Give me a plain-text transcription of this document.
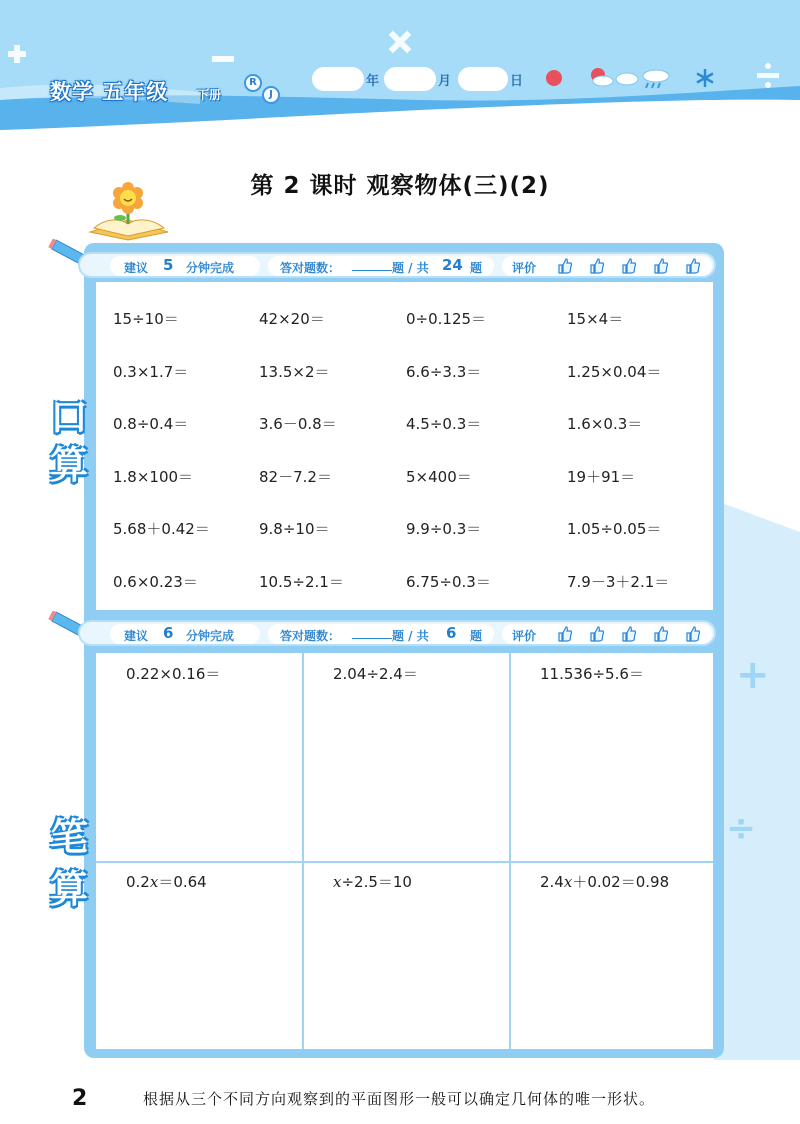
数学 五年级 下册
R
J
年	月	日
第 2 课时 观察物体(三)(2)
+
÷
建议 5 分钟完成	答对题数：	题 / 共 24 题 评价
15÷10＝	42×20＝	0÷0.125＝	15×4＝
0.3×1.7＝	13.5×2＝	6.6÷3.3＝	1.25×0.04＝
0.8÷0.4＝	3.6－0.8＝	4.5÷0.3＝	1.6×0.3＝
1.8×100＝	82－7.2＝	5×400＝	19＋91＝
5.68＋0.42＝	9.8÷10＝	9.9÷0.3＝	1.05÷0.05＝
0.6×0.23＝	10.5÷2.1＝	6.75÷0.3＝	7.9－3＋2.1＝
建议 6 分钟完成	答对题数：	题 / 共 6 题 评价
0.22×0.16＝	2.04÷2.4＝	11.536÷5.6＝
0.2x＝0.64	x÷2.5＝10	2.4x＋0.02＝0.98
口
算
笔
算
2	根据从三个不同方向观察到的平面图形一般可以确定几何体的唯一形状。
